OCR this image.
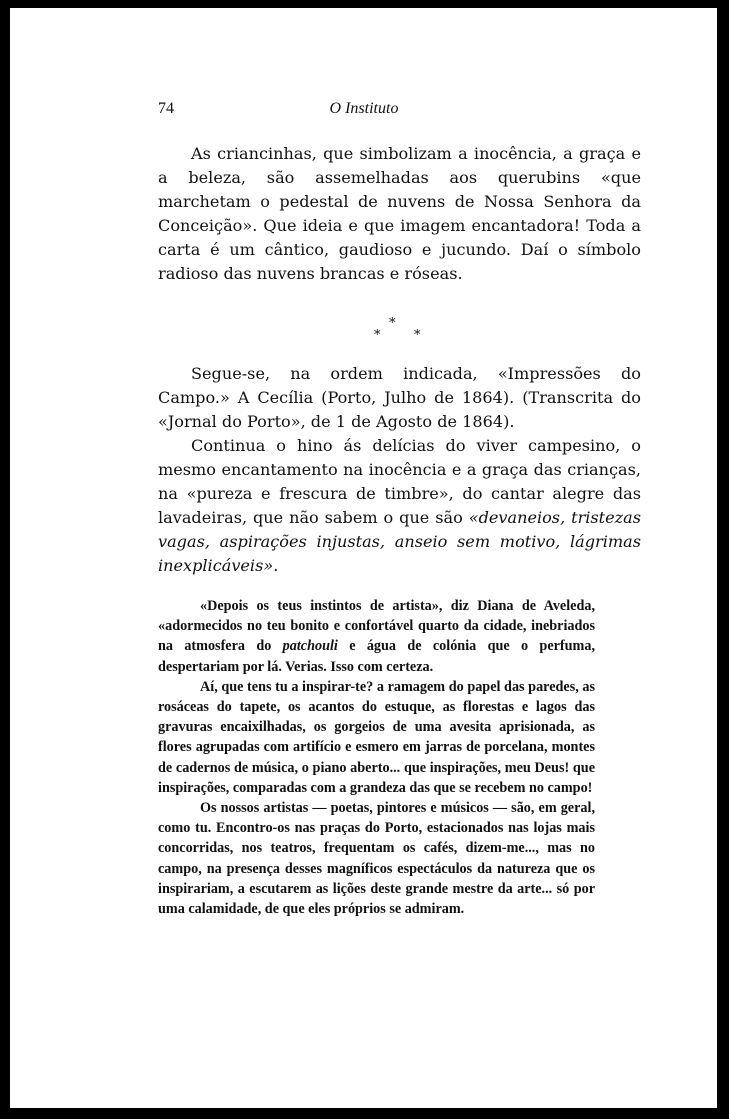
74	O Instituto

As criancinhas, que simbolizam a inocência, a graça e a beleza, são assemelhadas aos querubins «que marchetam o pedestal de nuvens de Nossa Senhora da Conceição». Que ideia e que imagem encantadora! Toda a carta é um cântico, gaudioso e jucundo. Daí o símbolo radioso das nuvens brancas e róseas.

*
*	*

Segue-se, na ordem indicada, «Impressões do Campo.» A Cecília (Porto, Julho de 1864). (Transcrita do «Jornal do Porto», de 1 de Agosto de 1864).

Continua o hino ás delícias do viver campesino, o mesmo encantamento na inocência e a graça das crianças, na «pureza e frescura de timbre», do cantar alegre das lavadeiras, que não sabem o que são «devaneios, tristezas vagas, aspirações injustas, anseio sem motivo, lágrimas inexplicáveis».

«Depois os teus instintos de artista», diz Diana de Aveleda, «adormecidos no teu bonito e confortável quarto da cidade, inebriados na atmosfera do patchouli e água de colónia que o perfuma, despertariam por lá. Verias. Isso com certeza.

Aí, que tens tu a inspirar-te? a ramagem do papel das paredes, as rosáceas do tapete, os acantos do estuque, as florestas e lagos das gravuras encaixilhadas, os gorgeios de uma avesita aprisionada, as flores agrupadas com artifício e esmero em jarras de porcelana, montes de cadernos de música, o piano aberto... que inspirações, meu Deus! que inspirações, comparadas com a grandeza das que se recebem no campo!

Os nossos artistas — poetas, pintores e músicos — são, em geral, como tu. Encontro-os nas praças do Porto, estacionados nas lojas mais concorridas, nos teatros, frequentam os cafés, dizem-me..., mas no campo, na presença desses magníficos espectáculos da natureza que os inspirariam, a escutarem as lições deste grande mestre da arte... só por uma calamidade, de que eles próprios se admiram.
